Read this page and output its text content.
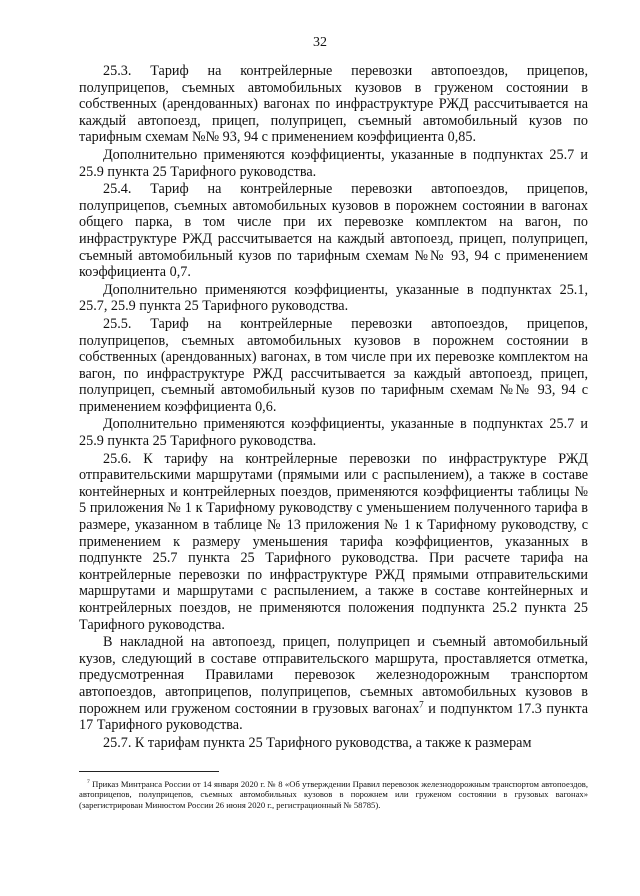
32

25.3. Тариф на контрейлерные перевозки автопоездов, прицепов, полуприцепов, съемных автомобильных кузовов в груженом состоянии в собственных (арендованных) вагонах по инфраструктуре РЖД рассчитывается на каждый автопоезд, прицеп, полуприцеп, съемный автомобильный кузов по тарифным схемам №№ 93, 94 с применением коэффициента 0,85.

Дополнительно применяются коэффициенты, указанные в подпунктах 25.7 и 25.9 пункта 25 Тарифного руководства.

25.4. Тариф на контрейлерные перевозки автопоездов, прицепов, полуприцепов, съемных автомобильных кузовов в порожнем состоянии в вагонах общего парка, в том числе при их перевозке комплектом на вагон, по инфраструктуре РЖД рассчитывается на каждый автопоезд, прицеп, полуприцеп, съемный автомобильный кузов по тарифным схемам №№ 93, 94 с применением коэффициента 0,7.

Дополнительно применяются коэффициенты, указанные в подпунктах 25.1, 25.7, 25.9 пункта 25 Тарифного руководства.

25.5. Тариф на контрейлерные перевозки автопоездов, прицепов, полуприцепов, съемных автомобильных кузовов в порожнем состоянии в собственных (арендованных) вагонах, в том числе при их перевозке комплектом на вагон, по инфраструктуре РЖД рассчитывается за каждый автопоезд, прицеп, полуприцеп, съемный автомобильный кузов по тарифным схемам №№ 93, 94 с применением коэффициента 0,6.

Дополнительно применяются коэффициенты, указанные в подпунктах 25.7 и 25.9 пункта 25 Тарифного руководства.

25.6. К тарифу на контрейлерные перевозки по инфраструктуре РЖД отправительскими маршрутами (прямыми или с распылением), а также в составе контейнерных и контрейлерных поездов, применяются коэффициенты таблицы № 5 приложения № 1 к Тарифному руководству с уменьшением полученного тарифа в размере, указанном в таблице № 13 приложения № 1 к Тарифному руководству, с применением к размеру уменьшения тарифа коэффициентов, указанных в подпункте 25.7 пункта 25 Тарифного руководства. При расчете тарифа на контрейлерные перевозки по инфраструктуре РЖД прямыми отправительскими маршрутами и маршрутами с распылением, а также в составе контейнерных и контрейлерных поездов, не применяются положения подпункта 25.2 пункта 25 Тарифного руководства.

В накладной на автопоезд, прицеп, полуприцеп и съемный автомобильный кузов, следующий в составе отправительского маршрута, проставляется отметка, предусмотренная Правилами перевозок железнодорожным транспортом автопоездов, автоприцепов, полуприцепов, съемных автомобильных кузовов в порожнем или груженом состоянии в грузовых вагонах$^7$ и подпунктом 17.3 пункта 17 Тарифного руководства.

25.7. К тарифам пункта 25 Тарифного руководства, а также к размерам

$^7$ Приказ Минтранса России от 14 января 2020 г. № 8 «Об утверждении Правил перевозок железнодорожным транспортом автопоездов, автоприцепов, полуприцепов, съемных автомобильных кузовов в порожнем или груженом состоянии в грузовых вагонах» (зарегистрирован Минюстом России 26 июня 2020 г., регистрационный № 58785).
